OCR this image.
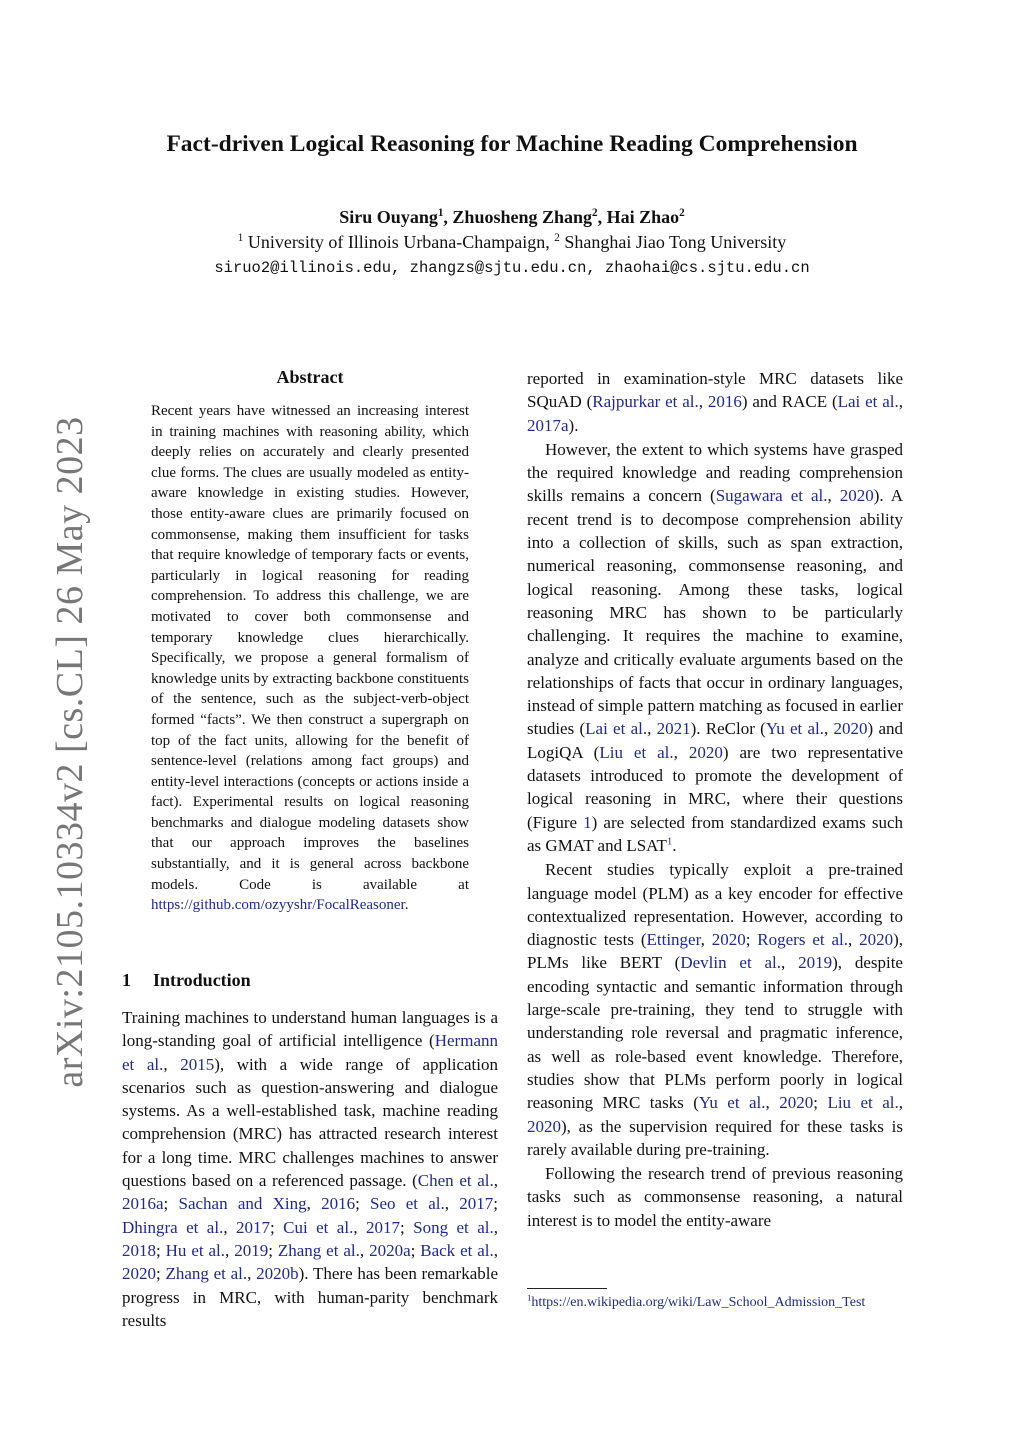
arXiv:2105.10334v2 [cs.CL] 26 May 2023
Fact-driven Logical Reasoning for Machine Reading Comprehension
Siru Ouyang$^1$, Zhuosheng Zhang$^2$, Hai Zhao$^2$
$^1$ University of Illinois Urbana-Champaign, $^2$ Shanghai Jiao Tong University
siruo2@illinois.edu, zhangzs@sjtu.edu.cn, zhaohai@cs.sjtu.edu.cn
Abstract
Recent years have witnessed an increasing interest in training machines with reasoning ability, which deeply relies on accurately and clearly presented clue forms. The clues are usually modeled as entity-aware knowledge in existing studies. However, those entity-aware clues are primarily focused on commonsense, making them insufficient for tasks that require knowledge of temporary facts or events, particularly in logical reasoning for reading comprehension. To address this challenge, we are motivated to cover both commonsense and temporary knowledge clues hierarchically. Specifically, we propose a general formalism of knowledge units by extracting backbone constituents of the sentence, such as the subject-verb-object formed “facts”. We then construct a supergraph on top of the fact units, allowing for the benefit of sentence-level (relations among fact groups) and entity-level interactions (concepts or actions inside a fact). Experimental results on logical reasoning benchmarks and dialogue modeling datasets show that our approach improves the baselines substantially, and it is general across backbone models. Code is available at https://github.com/ozyyshr/FocalReasoner.
1 Introduction
Training machines to understand human languages is a long-standing goal of artificial intelligence (Hermann et al., 2015), with a wide range of application scenarios such as question-answering and dialogue systems. As a well-established task, machine reading comprehension (MRC) has attracted research interest for a long time. MRC challenges machines to answer questions based on a referenced passage. (Chen et al., 2016a; Sachan and Xing, 2016; Seo et al., 2017; Dhingra et al., 2017; Cui et al., 2017; Song et al., 2018; Hu et al., 2019; Zhang et al., 2020a; Back et al., 2020; Zhang et al., 2020b). There has been remarkable progress in MRC, with human-parity benchmark results

reported in examination-style MRC datasets like SQuAD (Rajpurkar et al., 2016) and RACE (Lai et al., 2017a).

However, the extent to which systems have grasped the required knowledge and reading comprehension skills remains a concern (Sugawara et al., 2020). A recent trend is to decompose comprehension ability into a collection of skills, such as span extraction, numerical reasoning, commonsense reasoning, and logical reasoning. Among these tasks, logical reasoning MRC has shown to be particularly challenging. It requires the machine to examine, analyze and critically evaluate arguments based on the relationships of facts that occur in ordinary languages, instead of simple pattern matching as focused in earlier studies (Lai et al., 2021). ReClor (Yu et al., 2020) and LogiQA (Liu et al., 2020) are two representative datasets introduced to promote the development of logical reasoning in MRC, where their questions (Figure 1) are selected from standardized exams such as GMAT and LSAT$^1$.

Recent studies typically exploit a pre-trained language model (PLM) as a key encoder for effective contextualized representation. However, according to diagnostic tests (Ettinger, 2020; Rogers et al., 2020), PLMs like BERT (Devlin et al., 2019), despite encoding syntactic and semantic information through large-scale pre-training, they tend to struggle with understanding role reversal and pragmatic inference, as well as role-based event knowledge. Therefore, studies show that PLMs perform poorly in logical reasoning MRC tasks (Yu et al., 2020; Liu et al., 2020), as the supervision required for these tasks is rarely available during pre-training.

Following the research trend of previous reasoning tasks such as commonsense reasoning, a natural interest is to model the entity-aware

$^1$https://en.wikipedia.org/wiki/Law_School_Admission_Test
